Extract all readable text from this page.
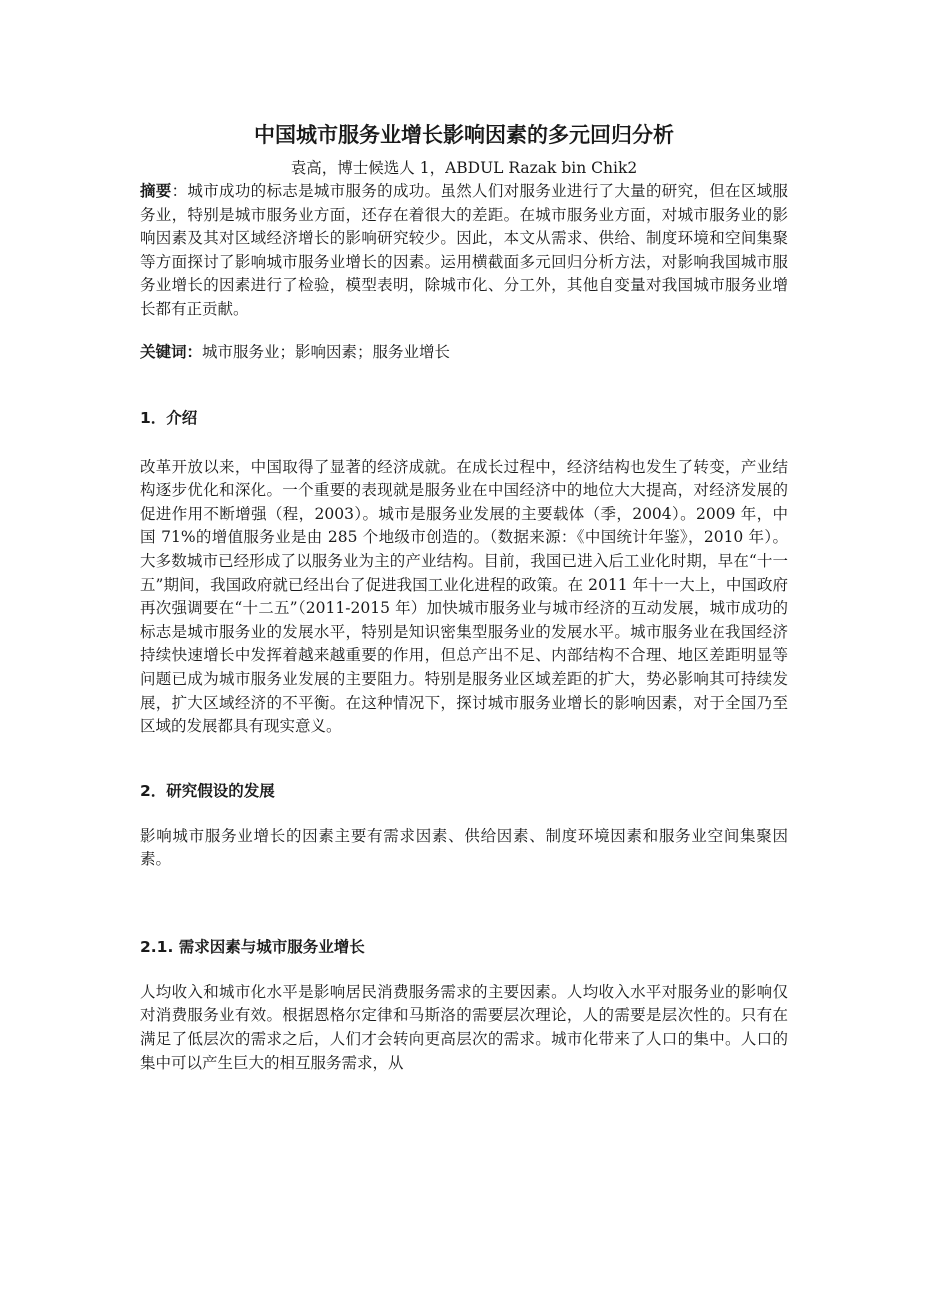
中国城市服务业增长影响因素的多元回归分析

袁高，博士候选人 1，ABDUL Razak bin Chik2

摘要：城市成功的标志是城市服务的成功。虽然人们对服务业进行了大量的研究，但在区域服务业，特别是城市服务业方面，还存在着很大的差距。在城市服务业方面，对城市服务业的影响因素及其对区域经济增长的影响研究较少。因此，本文从需求、供给、制度环境和空间集聚等方面探讨了影响城市服务业增长的因素。运用横截面多元回归分析方法，对影响我国城市服务业增长的因素进行了检验，模型表明，除城市化、分工外，其他自变量对我国城市服务业增长都有正贡献。

关键词：城市服务业；影响因素；服务业增长

1．介绍

改革开放以来，中国取得了显著的经济成就。在成长过程中，经济结构也发生了转变，产业结构逐步优化和深化。一个重要的表现就是服务业在中国经济中的地位大大提高，对经济发展的促进作用不断增强（程，2003）。城市是服务业发展的主要载体（季，2004）。2009 年，中国 71%的增值服务业是由 285 个地级市创造的。（数据来源：《中国统计年鉴》，2010 年）。大多数城市已经形成了以服务业为主的产业结构。目前，我国已进入后工业化时期，早在“十一五”期间，我国政府就已经出台了促进我国工业化进程的政策。在 2011 年十一大上，中国政府再次强调要在“十二五”（2011-2015 年）加快城市服务业与城市经济的互动发展，城市成功的标志是城市服务业的发展水平，特别是知识密集型服务业的发展水平。城市服务业在我国经济持续快速增长中发挥着越来越重要的作用，但总产出不足、内部结构不合理、地区差距明显等问题已成为城市服务业发展的主要阻力。特别是服务业区域差距的扩大，势必影响其可持续发展，扩大区域经济的不平衡。在这种情况下，探讨城市服务业增长的影响因素，对于全国乃至区域的发展都具有现实意义。

2．研究假设的发展

影响城市服务业增长的因素主要有需求因素、供给因素、制度环境因素和服务业空间集聚因素。

2.1. 需求因素与城市服务业增长

人均收入和城市化水平是影响居民消费服务需求的主要因素。人均收入水平对服务业的影响仅对消费服务业有效。根据恩格尔定律和马斯洛的需要层次理论，人的需要是层次性的。只有在满足了低层次的需求之后，人们才会转向更高层次的需求。城市化带来了人口的集中。人口的集中可以产生巨大的相互服务需求，从
